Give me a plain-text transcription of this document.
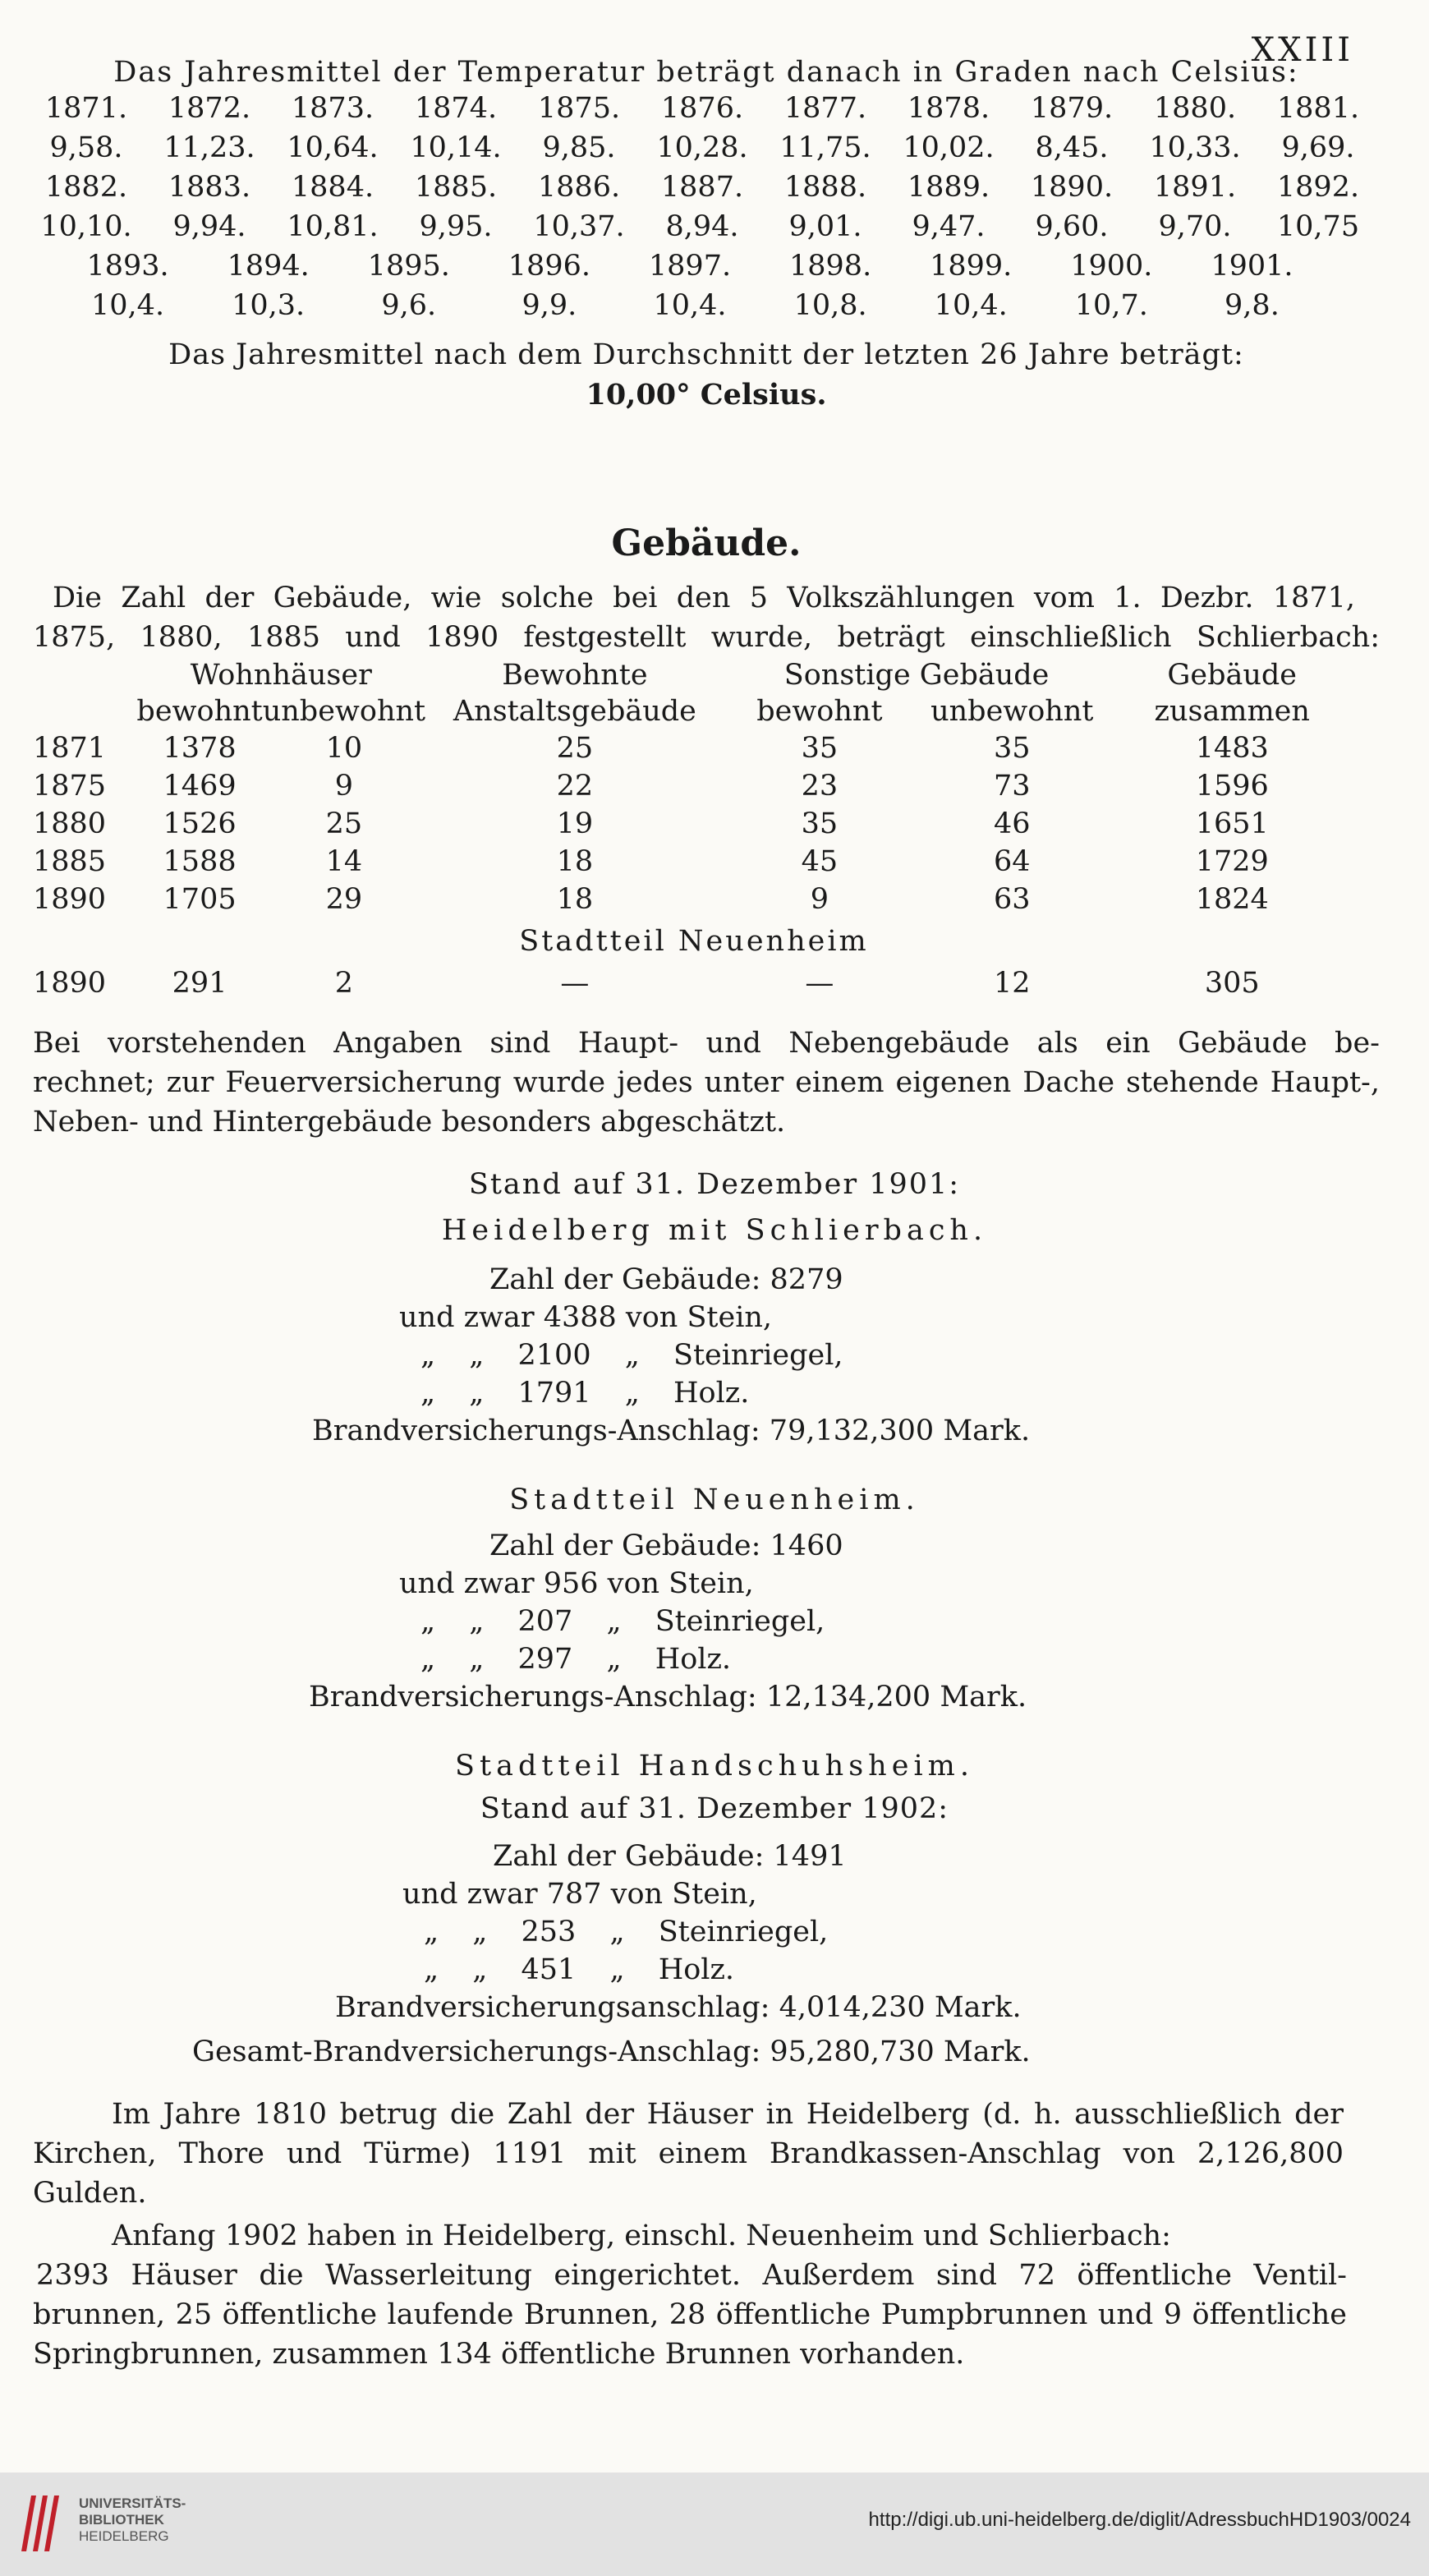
XXIII
Das Jahresmittel der Temperatur beträgt danach in Graden nach Celsius:
1871.	1872.	1873.	1874.	1875.	1876.	1877.	1878.	1879.	1880.	1881.
9,58.	11,23.	10,64.	10,14.	9,85.	10,28.	11,75.	10,02.	8,45.	10,33.	9,69.
1882.	1883.	1884.	1885.	1886.	1887.	1888.	1889.	1890.	1891.	1892.
10,10.	9,94.	10,81.	9,95.	10,37.	8,94.	9,01.	9,47.	9,60.	9,70.	10,75
1893.	1894.	1895.	1896.	1897.	1898.	1899.	1900.	1901.
10,4.	10,3.	9,6.	9,9.	10,4.	10,8.	10,4.	10,7.	9,8.
Das Jahresmittel nach dem Durchschnitt der letzten 26 Jahre beträgt:
10,00° Celsius.
Gebäude.
Die Zahl der Gebäude, wie solche bei den 5 Volkszählungen vom 1. Dezbr. 1871,
1875, 1880, 1885 und 1890 festgestellt wurde, beträgt einschließlich Schlierbach:
	Wohnhäuser		Bewohnte	Sonstige Gebäude		Gebäude
	bewohnt	unbewohnt	Anstaltsgebäude	bewohnt	unbewohnt	zusammen
1871	1378	10	25	35	35	1483
1875	1469	9	22	23	73	1596
1880	1526	25	19	35	46	1651
1885	1588	14	18	45	64	1729
1890	1705	29	18	9	63	1824
Stadtteil Neuenheim						
1890	291	2	—	—	12	305
Bei vorstehenden Angaben sind Haupt- und Nebengebäude als ein Gebäude be-
rechnet; zur Feuerversicherung wurde jedes unter einem eigenen Dache stehende Haupt-,
Neben- und Hintergebäude besonders abgeschätzt.
Stand auf 31. Dezember 1901:
Heidelberg mit Schlierbach.
Zahl der Gebäude: 8279
und zwar 4388 von Stein,
„ „ 2100 „ Steinriegel,
„ „ 1791 „ Holz.
Brandversicherungs-Anschlag: 79,132,300 Mark.
Stadtteil Neuenheim.
Zahl der Gebäude: 1460
und zwar 956 von Stein,
„ „ 207 „ Steinriegel,
„ „ 297 „ Holz.
Brandversicherungs-Anschlag: 12,134,200 Mark.
Stadtteil Handschuhsheim.
Stand auf 31. Dezember 1902:
Zahl der Gebäude: 1491
und zwar 787 von Stein,
„ „ 253 „ Steinriegel,
„ „ 451 „ Holz.
Brandversicherungsanschlag: 4,014,230 Mark.
Gesamt-Brandversicherungs-Anschlag: 95,280,730 Mark.
Im Jahre 1810 betrug die Zahl der Häuser in Heidelberg (d. h. ausschließlich der
Kirchen, Thore und Türme) 1191 mit einem Brandkassen-Anschlag von 2,126,800
Gulden.
Anfang 1902 haben in Heidelberg, einschl. Neuenheim und Schlierbach:
2393 Häuser die Wasserleitung eingerichtet. Außerdem sind 72 öffentliche Ventil-
brunnen, 25 öffentliche laufende Brunnen, 28 öffentliche Pumpbrunnen und 9 öffentliche
Springbrunnen, zusammen 134 öffentliche Brunnen vorhanden.
UNIVERSITÄTS-
BIBLIOTHEK
HEIDELBERG
http://digi.ub.uni-heidelberg.de/diglit/AdressbuchHD1903/0024
